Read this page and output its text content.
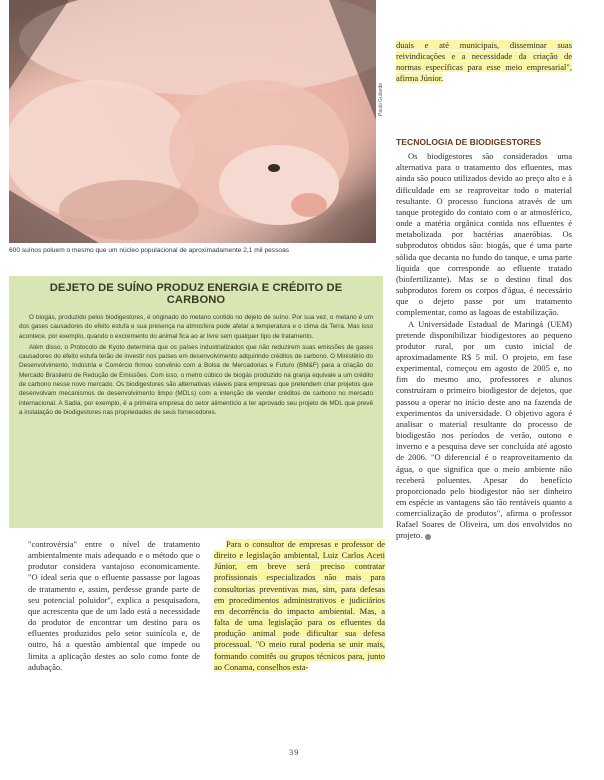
Paulo Guilarde
600 suínos poluem o mesmo que um núcleo populacional de aproximadamente 2,1 mil pessoas
DEJETO DE SUÍNO PRODUZ ENERGIA E CRÉDITO DE CARBONO

O biogás, produzido pelos biodigestores, é originado do metano contido no dejeto de suíno. Por sua vez, o metano é um dos gases causadores do efeito estufa e sua presença na atmosfera pode afetar a temperatura e o clima da Terra. Mas isso acontece, por exemplo, quando o excremento do animal fica ao ar livre sem qualquer tipo de tratamento.

Além disso, o Protocolo de Kyoto determina que os países industrializados que não reduzirem suas emissões de gases causadores do efeito estufa terão de investir nos países em desenvolvimento adquirindo créditos de carbono. O Ministério do Desenvolvimento, Indústria e Comércio firmou convênio com a Bolsa de Mercadorias e Futuro (BM&F) para a criação do Mercado Brasileiro de Redução de Emissões. Com isso, o metro cúbico de biogás produzido na granja equivale a um crédito de carbono nesse novo mercado. Os biodigestores são alternativas viáveis para empresas que pretendem criar projetos que desenvolvam mecanismos de desenvolvimento limpo (MDLs) com a intenção de vender créditos de carbono no mercado internacional. A Sadia, por exemplo, é a primeira empresa do setor alimentício a ter aprovado seu projeto de MDL que prevê a instalação de biodigestores nas propriedades de seus fornecedores.

"controvérsia" entre o nível de tratamento ambientalmente mais adequado e o método que o produtor considera vantajoso economicamente. "O ideal seria que o efluente passasse por lagoas de tratamento e, assim, perdesse grande parte de seu potencial poluidor", explica a pesquisadora, que acrescenta que de um lado está a necessidade do produtor de encontrar um destino para os efluentes produzidos pelo setor suinícola e, de outro, há a questão ambiental que impede ou limita a aplicação destes ao solo como fonte de adubação.

Para o consultor de empresas e professor de direito e legislação ambiental, Luiz Carlos Aceti Júnior, em breve será preciso contratar profissionais especializados não mais para consultorias preventivas mas, sim, para defesas em procedimentos administrativos e judiciários em decorrência do impacto ambiental. Mas, a falta de uma legislação para os efluentes da produção animal pode dificultar sua defesa processual. "O meio rural poderia se unir mais, formando comitês ou grupos técnicos para, junto ao Conama, conselhos esta-

duais e até municipais, disseminar suas reivindicações e a necessidade da criação de normas específicas para esse meio empresarial", afirma Júnior.

TECNOLOGIA DE BIODIGESTORES

Os biodigestores são considerados uma alternativa para o tratamento dos efluentes, mas ainda são pouco utilizados devido ao preço alto e à dificuldade em se reaproveitar todo o material resultante. O processo funciona através de um tanque protegido do contato com o ar atmosférico, onde a matéria orgânica contida nos efluentes é metabolizada por bactérias anaeróbias. Os subprodutos obtidos são: biogás, que é uma parte sólida que decanta no fundo do tanque, e uma parte líquida que corresponde ao efluente tratado (biofertilizante). Mas se o destino final dos subprodutos forem os corpos d'água, é necessário que o dejeto passe por um tratamento complementar, como as lagoas de estabilização.

A Universidade Estadual de Maringá (UEM) pretende disponibilizar biodigestores ao pequeno produtor rural, por um custo inicial de aproximadamente R$ 5 mil. O projeto, em fase experimental, começou em agosto de 2005 e, no fim do mesmo ano, professores e alunos construíram o primeiro biodigestor de dejetos, que passou a operar no início deste ano na fazenda de experimentos da universidade. O objetivo agora é analisar o material resultante do processo de biodigestão nos períodos de verão, outono e inverno e a pesquisa deve ser concluída até agosto de 2006. "O diferencial é o reaproveitamento da água, o que significa que o meio ambiente não receberá poluentes. Apesar do benefício proporcionado pelo biodigestor não ser dinheiro em espécie as vantagens são tão rentáveis quanto a comercialização de produtos", afirma o professor Rafael Soares de Oliveira, um dos envolvidos no projeto.

39
